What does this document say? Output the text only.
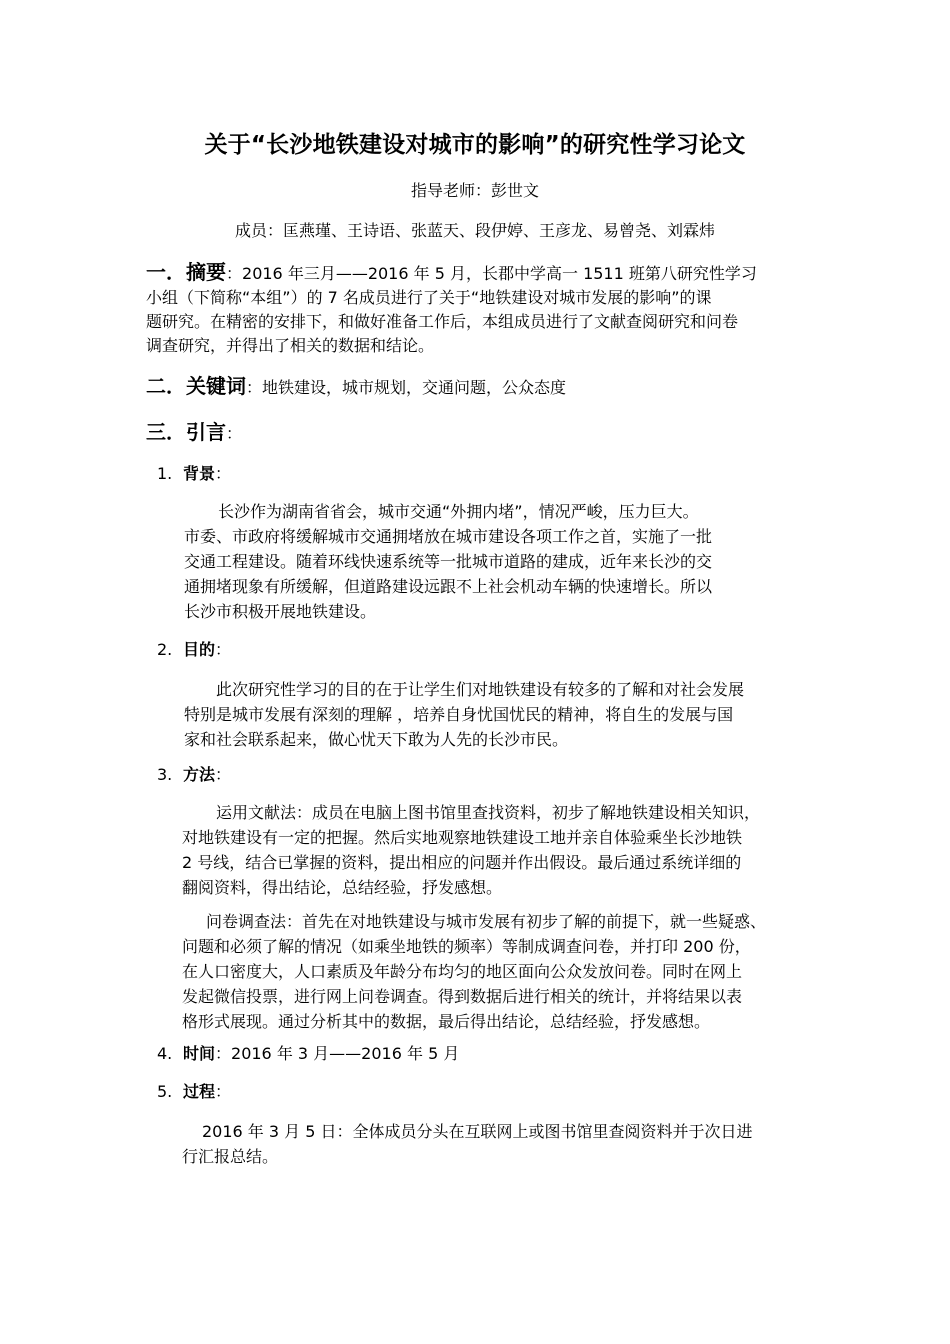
关于“长沙地铁建设对城市的影响”的研究性学习论文
指导老师：彭世文
成员：匡燕瑾、王诗语、张蓝天、段伊婷、王彦龙、易曾尧、刘霖炜
一．摘要：2016 年三月——2016 年 5 月，长郡中学高一 1511 班第八研究性学习
小组（下简称“本组”）的 7 名成员进行了关于“地铁建设对城市发展的影响”的课
题研究。在精密的安排下，和做好准备工作后，本组成员进行了文献查阅研究和问卷
调查研究，并得出了相关的数据和结论。
二．关键词：地铁建设，城市规划，交通问题，公众态度
三．引言：
1. 背景：
长沙作为湖南省省会，城市交通“外拥内堵”，情况严峻，压力巨大。
市委、市政府将缓解城市交通拥堵放在城市建设各项工作之首，实施了一批
交通工程建设。随着环线快速系统等一批城市道路的建成，近年来长沙的交
通拥堵现象有所缓解，但道路建设远跟不上社会机动车辆的快速增长。所以
长沙市积极开展地铁建设。
2. 目的：
此次研究性学习的目的在于让学生们对地铁建设有较多的了解和对社会发展
特别是城市发展有深刻的理解 ，培养自身忧国忧民的精神，将自生的发展与国
家和社会联系起来，做心忧天下敢为人先的长沙市民。
3. 方法：
运用文献法：成员在电脑上图书馆里查找资料，初步了解地铁建设相关知识，
对地铁建设有一定的把握。然后实地观察地铁建设工地并亲自体验乘坐长沙地铁
2 号线，结合已掌握的资料，提出相应的问题并作出假设。最后通过系统详细的
翻阅资料，得出结论，总结经验，抒发感想。
问卷调查法：首先在对地铁建设与城市发展有初步了解的前提下，就一些疑惑、
问题和必须了解的情况（如乘坐地铁的频率）等制成调查问卷，并打印 200 份，
在人口密度大，人口素质及年龄分布均匀的地区面向公众发放问卷。同时在网上
发起微信投票，进行网上问卷调查。得到数据后进行相关的统计，并将结果以表
格形式展现。通过分析其中的数据，最后得出结论，总结经验，抒发感想。
4. 时间：2016 年 3 月——2016 年 5 月
5. 过程：
2016 年 3 月 5 日：全体成员分头在互联网上或图书馆里查阅资料并于次日进
行汇报总结。
